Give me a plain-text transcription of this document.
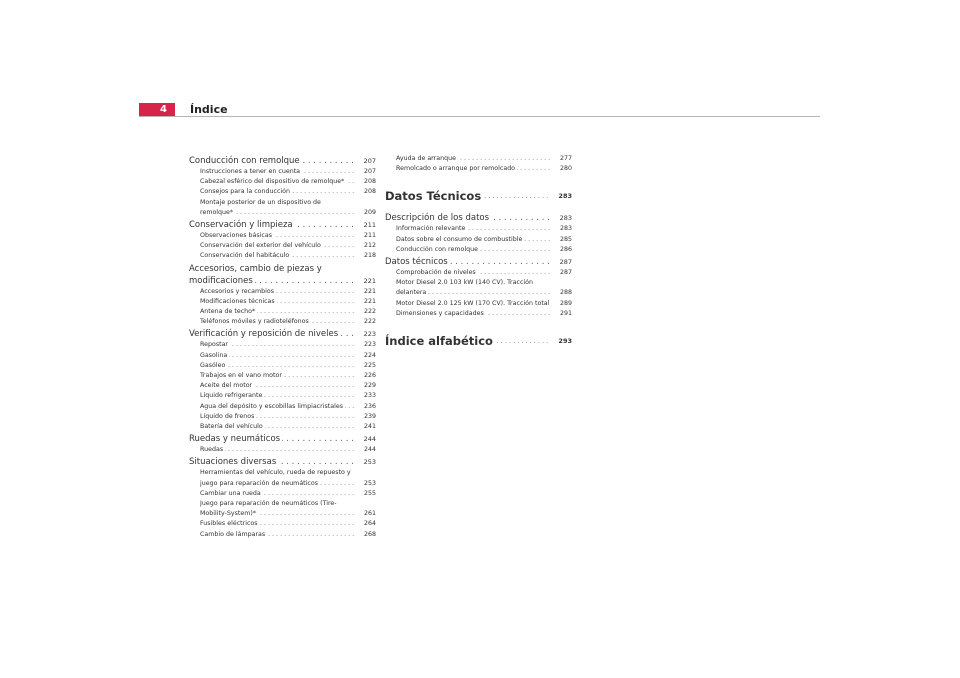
4	Índice
Conducción con remolque . . .	207
Instrucciones a tener en cuenta . . .	207
Cabezal esférico del dispositivo de remolque* . . .	208
Consejos para la conducción . . .	208
Montaje posterior de un dispositivo de
remolque* . . .	209
Conservación y limpieza . . .	211
Observaciones básicas . . .	211
Conservación del exterior del vehículo . . .	212
Conservación del habitáculo . . .	218
Accesorios, cambio de piezas y
modificaciones . . .	221
Accesorios y recambios . . .	221
Modificaciones técnicas . . .	221
Antena de techo* . . .	222
Teléfonos móviles y radioteléfonos . . .	222
Verificación y reposición de niveles . . .	223
Repostar . . .	223
Gasolina . . .	224
Gasóleo . . .	225
Trabajos en el vano motor . . .	226
Aceite del motor . . .	229
Líquido refrigerante . . .	233
Agua del depósito y escobillas limpiacristales . . .	236
Líquido de frenos . . .	239
Batería del vehículo . . .	241
Ruedas y neumáticos . . .	244
Ruedas . . .	244
Situaciones diversas . . .	253
Herramientas del vehículo, rueda de repuesto y
juego para reparación de neumáticos . . .	253
Cambiar una rueda . . .	255
Juego para reparación de neumáticos (Tire-
Mobility-System)* . . .	261
Fusibles eléctricos . . .	264
Cambio de lámparas . . .	268
Ayuda de arranque . . .	277
Remolcado o arranque por remolcado . . .	280
Datos Técnicos . . .	283
Descripción de los datos . . .	283
Información relevante . . .	283
Datos sobre el consumo de combustible . . .	285
Conducción con remolque . . .	286
Datos técnicos . . .	287
Comprobación de niveles . . .	287
Motor Diesel 2.0 103 kW (140 CV). Tracción
delantera . . .	288
Motor Diesel 2.0 125 kW (170 CV). Tracción total . . .	289
Dimensiones y capacidades . . .	291
Índice alfabético . . .	293
